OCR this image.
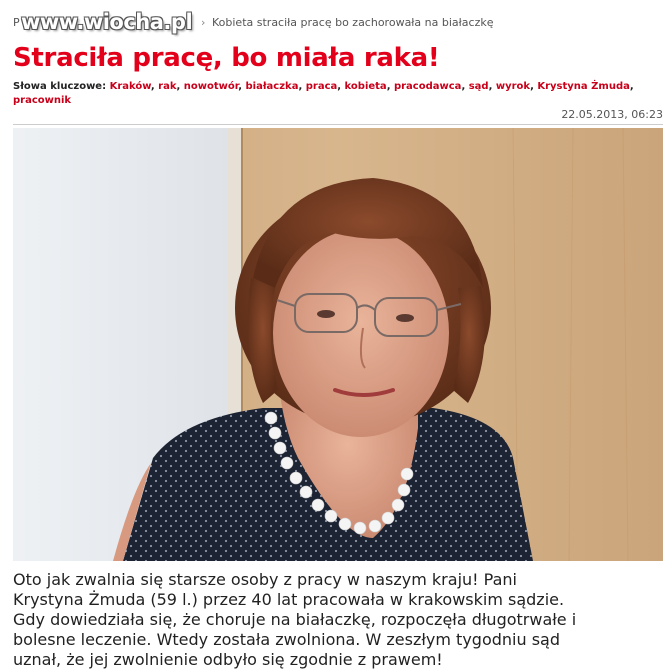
P	› Kobieta straciła pracę bo zachorowała na białaczkę
www.wiocha.pl
Straciła pracę, bo miała raka!
Słowa kluczowe: Kraków, rak, nowotwór, białaczka, praca, kobieta, pracodawca, sąd, wyrok, Krystyna Żmuda, pracownik
22.05.2013, 06:23
Oto jak zwalnia się starsze osoby z pracy w naszym kraju! Pani
Krystyna Żmuda (59 l.) przez 40 lat pracowała w krakowskim sądzie.
Gdy dowiedziała się, że choruje na białaczkę, rozpoczęła długotrwałe i
bolesne leczenie. Wtedy została zwolniona. W zeszłym tygodniu sąd
uznał, że jej zwolnienie odbyło się zgodnie z prawem!
